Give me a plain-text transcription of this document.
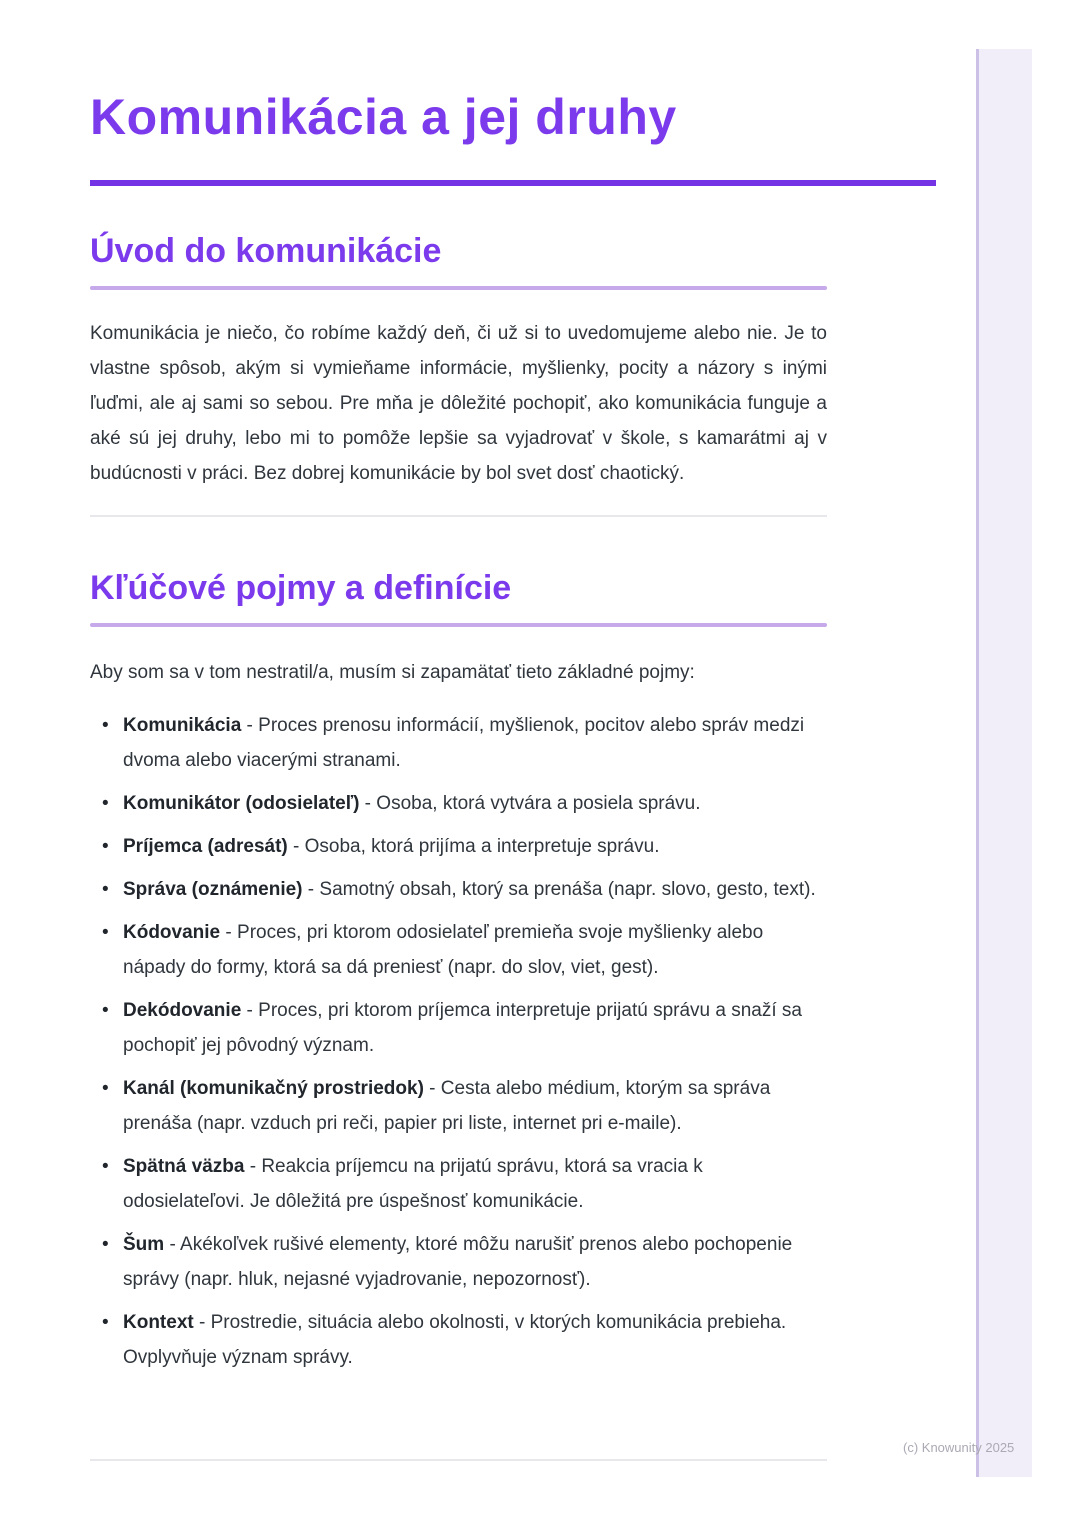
Komunikácia a jej druhy
Úvod do komunikácie

Komunikácia je niečo, čo robíme každý deň, či už si to uvedomujeme alebo nie. Je to vlastne spôsob, akým si vymieňame informácie, myšlienky, pocity a názory s inými ľuďmi, ale aj sami so sebou. Pre mňa je dôležité pochopiť, ako komunikácia funguje a aké sú jej druhy, lebo mi to pomôže lepšie sa vyjadrovať v škole, s kamarátmi aj v budúcnosti v práci. Bez dobrej komunikácie by bol svet dosť chaotický.

Kľúčové pojmy a definície

Aby som sa v tom nestratil/a, musím si zapamätať tieto základné pojmy:

• Komunikácia - Proces prenosu informácií, myšlienok, pocitov alebo správ medzi dvoma alebo viacerými stranami.
• Komunikátor (odosielateľ) - Osoba, ktorá vytvára a posiela správu.
• Príjemca (adresát) - Osoba, ktorá prijíma a interpretuje správu.
• Správa (oznámenie) - Samotný obsah, ktorý sa prenáša (napr. slovo, gesto, text).
• Kódovanie - Proces, pri ktorom odosielateľ premieňa svoje myšlienky alebo nápady do formy, ktorá sa dá preniesť (napr. do slov, viet, gest).
• Dekódovanie - Proces, pri ktorom príjemca interpretuje prijatú správu a snaží sa pochopiť jej pôvodný význam.
• Kanál (komunikačný prostriedok) - Cesta alebo médium, ktorým sa správa prenáša (napr. vzduch pri reči, papier pri liste, internet pri e-maile).
• Spätná väzba - Reakcia príjemcu na prijatú správu, ktorá sa vracia k odosielateľovi. Je dôležitá pre úspešnosť komunikácie.
• Šum - Akékoľvek rušivé elementy, ktoré môžu narušiť prenos alebo pochopenie správy (napr. hluk, nejasné vyjadrovanie, nepozornosť).
• Kontext - Prostredie, situácia alebo okolnosti, v ktorých komunikácia prebieha. Ovplyvňuje význam správy.
(c) Knowunity 2025
